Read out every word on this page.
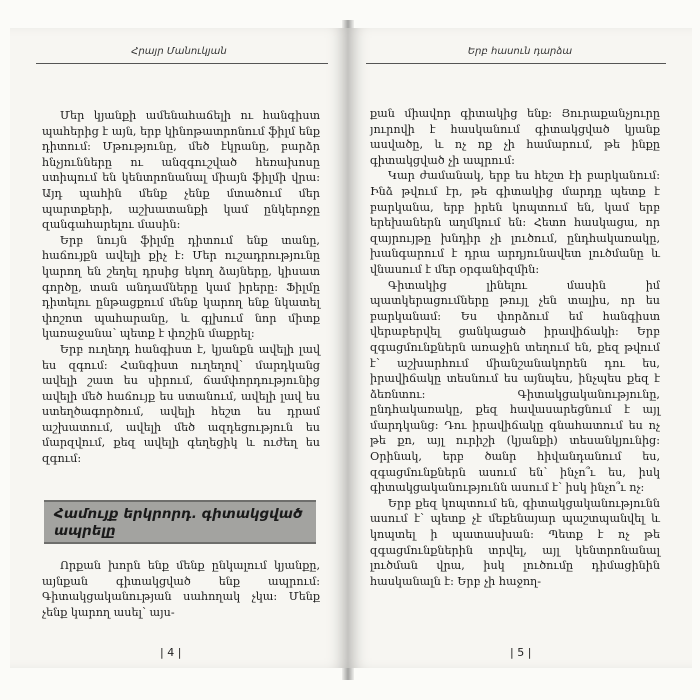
Հրայր Մանուկյան

Մեր կյանքի ամենահաճելի ու հանգիստ պահերից է այն, երբ կինոթատրոնում ֆիլմ ենք դիտում: Մթությունը, մեծ էկրանը, բարձր հնչյունները ու անզգուշված հեռախոսը ստիպում են կենտրոնանալ միայն ֆիլմի վրա: Այդ պահին մենք չենք մտածում մեր պարտքերի, աշխատանքի կամ ընկերոջը զանգահարելու մասին:

Երբ նույն ֆիլմը դիտում ենք տանը, հաճույքն ավելի քիչ է: Մեր ուշադրությունը կարող են շեղել դրսից եկող ձայները, կիսատ գործը, տան անդամները կամ իրերը: Ֆիլմը դիտելու ընթացքում մենք կարող ենք նկատել փոշոտ պահարանը, և գլխում նոր միտք կառաջանա՝ պետք է փոշին մաքրել:

Երբ ուղեղդ հանգիստ է, կյանքն ավելի լավ ես զգում: Հանգիստ ուղեղով՝ մարդկանց ավելի շատ ես սիրում, ճամփորդությունից ավելի մեծ հաճույք ես ստանում, ավելի լավ ես ստեղծագործում, ավելի հեշտ ես դրամ աշխատում, ավելի մեծ ազդեցություն ես մարզվում, քեզ ավելի գեղեցիկ և ուժեղ ես զգում:

Համույք երկրորդ. գիտակցված ապրելը

Որքան խորն ենք մենք ընկալում կյանքը, այնքան գիտակցված ենք ապրում: Գիտակցականության սահողակ չկա: Մենք չենք կարող ասել՝ այս-

| 4 |
Երբ հասուն դարձա

քան միավոր գիտակից ենք: Յուրաքանչյուրը յուրովի է հասկանում գիտակցված կյանք ասվածը, և ոչ ոք չի համարում, թե ինքը գիտակցված չի ապրում:

Կար ժամանակ, երբ ես հեշտ էի բարկանում: Ինձ թվում էր, թե գիտակից մարդը պետք է բարկանա, երբ իրեն կոպտում են, կամ երբ երեխաներն աղմկում են: Հետո հասկացա, որ զայրույթը խնդիր չի լուծում, ընդհակառակը, խանգարում է դրա արդյունավետ լուծմանը և վնասում է մեր օրգանիզմին:

Գիտակից լինելու մասին իմ պատկերացումները թույլ չեն տալիս, որ ես բարկանամ: Ես փորձում եմ հանգիստ վերաբերվել ցանկացած իրավիճակի: Երբ զգացմունքներն առաջին տեղում են, քեզ թվում է՝ աշխարհում միանշանակորեն դու ես, իրավիճակը տեսնում ես այնպես, ինչպես քեզ է ձեռնտու: Գիտակցականությունը, ընդհակառակը, քեզ հավասարեցնում է այլ մարդկանց: Դու իրավիճակը գնահատում ես ոչ թե քո, այլ ուրիշի (կյանքի) տեսանկյունից: Օրինակ, երբ ծանր հիվանդանում ես, զգացմունքներն ասում են՝ ինչո՞ւ ես, իսկ գիտակցականությունն ասում է՝ իսկ ինչո՞ւ ոչ:

Երբ քեզ կոպտում են, գիտակցականությունն ասում է՝ պետք չէ մեքենայար պաշտպանվել և կոպտել ի պատասխան: Պետք է ոչ թե զգացմունքներին տրվել, այլ կենտրոնանալ լուծման վրա, իսկ լուծումը դիմացինին հասկանալն է: Երբ չի հաջող-

| 5 |
